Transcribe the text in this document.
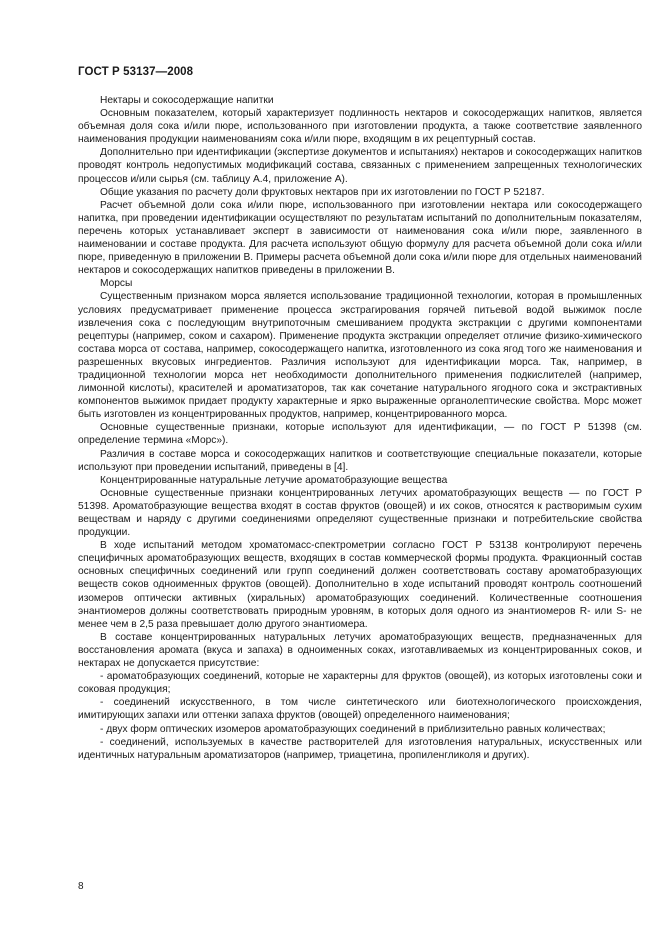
ГОСТ Р 53137—2008

Нектары и сокосодержащие напитки

Основным показателем, который характеризует подлинность нектаров и сокосодержащих напитков, является объемная доля сока и/или пюре, использованного при изготовлении продукта, а также соответствие заявленного наименования продукции наименованиям сока и/или пюре, входящим в их рецептурный состав.

Дополнительно при идентификации (экспертизе документов и испытаниях) нектаров и сокосодержащих напитков проводят контроль недопустимых модификаций состава, связанных с применением запрещенных технологических процессов и/или сырья (см. таблицу А.4, приложение А).

Общие указания по расчету доли фруктовых нектаров при их изготовлении по ГОСТ Р 52187.

Расчет объемной доли сока и/или пюре, использованного при изготовлении нектара или сокосодержащего напитка, при проведении идентификации осуществляют по результатам испытаний по дополнительным показателям, перечень которых устанавливает эксперт в зависимости от наименования сока и/или пюре, заявленного в наименовании и составе продукта. Для расчета используют общую формулу для расчета объемной доли сока и/или пюре, приведенную в приложении В. Примеры расчета объемной доли сока и/или пюре для отдельных наименований нектаров и сокосодержащих напитков приведены в приложении В.

Морсы

Существенным признаком морса является использование традиционной технологии, которая в промышленных условиях предусматривает применение процесса экстрагирования горячей питьевой водой выжимок после извлечения сока с последующим внутрипоточным смешиванием продукта экстракции с другими компонентами рецептуры (например, соком и сахаром). Применение продукта экстракции определяет отличие физико-химического состава морса от состава, например, сокосодержащего напитка, изготовленного из сока ягод того же наименования и разрешенных вкусовых ингредиентов. Различия используют для идентификации морса. Так, например, в традиционной технологии морса нет необходимости дополнительного применения подкислителей (например, лимонной кислоты), красителей и ароматизаторов, так как сочетание натурального ягодного сока и экстрактивных компонентов выжимок придает продукту характерные и ярко выраженные органолептические свойства. Морс может быть изготовлен из концентрированных продуктов, например, концентрированного морса.

Основные существенные признаки, которые используют для идентификации, — по ГОСТ Р 51398 (см. определение термина «Морс»).

Различия в составе морса и сокосодержащих напитков и соответствующие специальные показатели, которые используют при проведении испытаний, приведены в [4].

Концентрированные натуральные летучие ароматобразующие вещества

Основные существенные признаки концентрированных летучих ароматобразующих веществ — по ГОСТ Р 51398. Ароматобразующие вещества входят в состав фруктов (овощей) и их соков, относятся к растворимым сухим веществам и наряду с другими соединениями определяют существенные признаки и потребительские свойства продукции.

В ходе испытаний методом хроматомасс-спектрометрии согласно ГОСТ Р 53138 контролируют перечень специфичных ароматобразующих веществ, входящих в состав коммерческой формы продукта. Фракционный состав основных специфичных соединений или групп соединений должен соответствовать составу ароматобразующих веществ соков одноименных фруктов (овощей). Дополнительно в ходе испытаний проводят контроль соотношений изомеров оптически активных (хиральных) ароматобразующих соединений. Количественные соотношения энантиомеров должны соответствовать природным уровням, в которых доля одного из энантиомеров R- или S- не менее чем в 2,5 раза превышает долю другого энантиомера.

В составе концентрированных натуральных летучих ароматобразующих веществ, предназначенных для восстановления аромата (вкуса и запаха) в одноименных соках, изготавливаемых из концентрированных соков, и нектарах не допускается присутствие:

- ароматобразующих соединений, которые не характерны для фруктов (овощей), из которых изготовлены соки и соковая продукция;

- соединений искусственного, в том числе синтетического или биотехнологического происхождения, имитирующих запахи или оттенки запаха фруктов (овощей) определенного наименования;

- двух форм оптических изомеров ароматобразующих соединений в приблизительно равных количествах;

- соединений, используемых в качестве растворителей для изготовления натуральных, искусственных или идентичных натуральным ароматизаторов (например, триацетина, пропиленгликоля и других).

8
